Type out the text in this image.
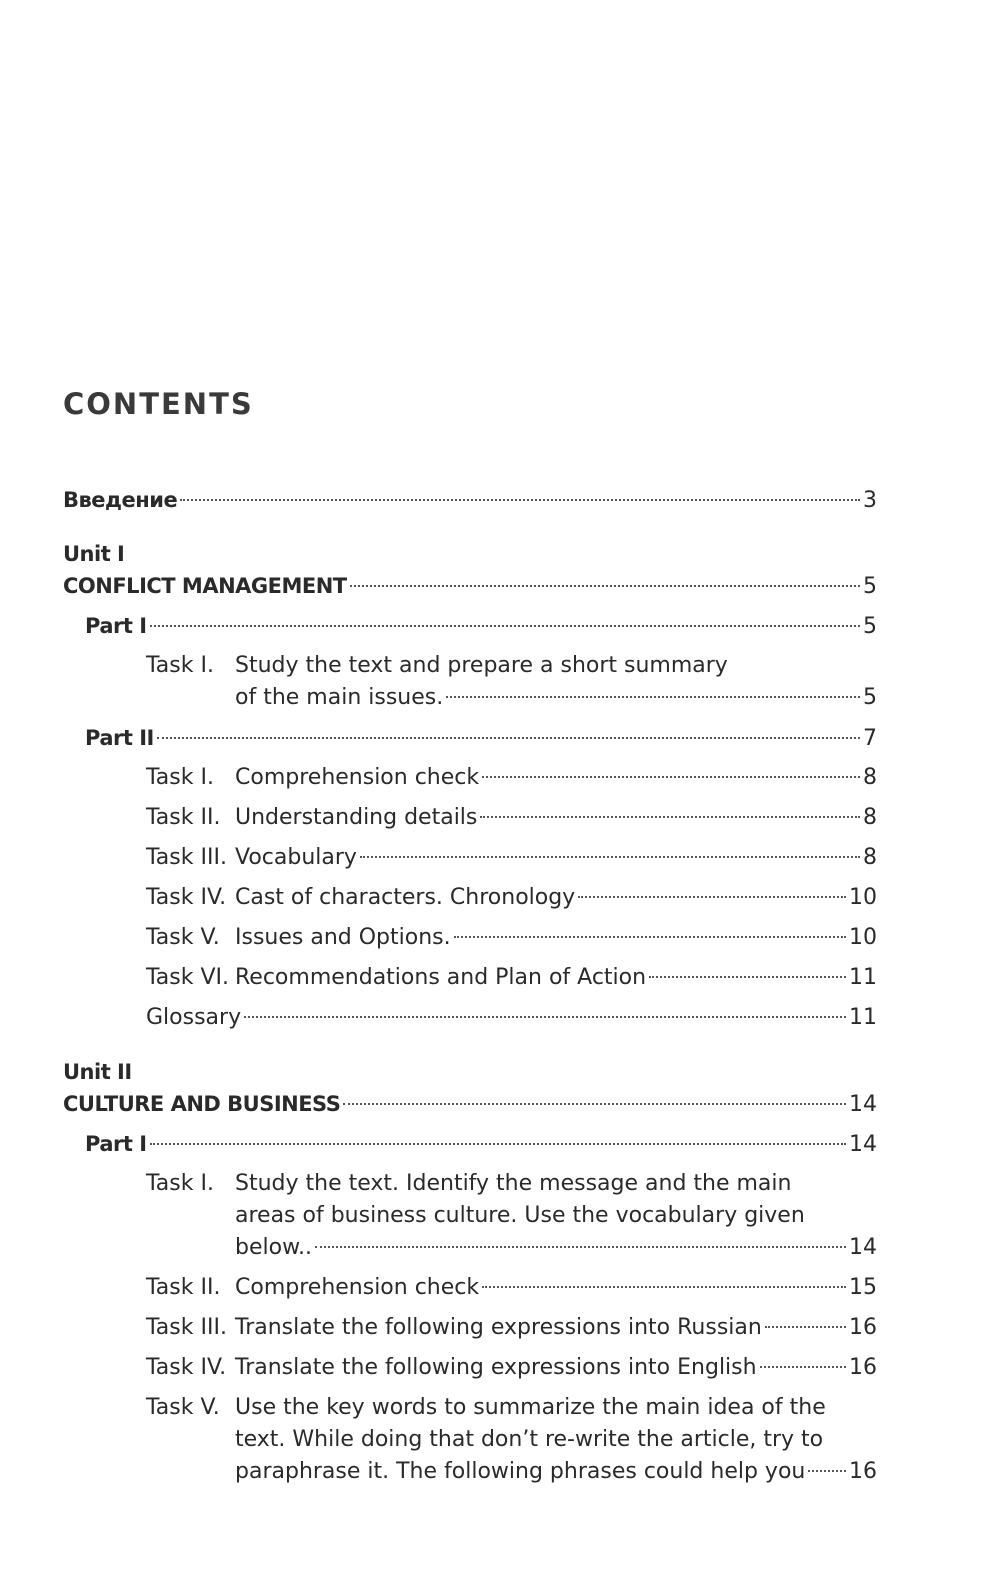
CONTENTS
Введение	3
Unit I
CONFLICT MANAGEMENT	5
Part I	5
Task I. Study the text and prepare a short summary
of the main issues.	5
Part II	7
Task I. Comprehension check	8
Task II. Understanding details	8
Task III. Vocabulary	8
Task IV. Cast of characters. Chronology	10
Task V. Issues and Options.	10
Task VI. Recommendations and Plan of Action	11
Glossary	11
Unit II
CULTURE AND BUSINESS	14
Part I	14
Task I. Study the text. Identify the message and the main
areas of business culture. Use the vocabulary given
below..	14
Task II. Comprehension check	15
Task III. Translate the following expressions into Russian	16
Task IV. Translate the following expressions into English	16
Task V. Use the key words to summarize the main idea of the
text. While doing that don’t re-write the article, try to
paraphrase it. The following phrases could help you 16
